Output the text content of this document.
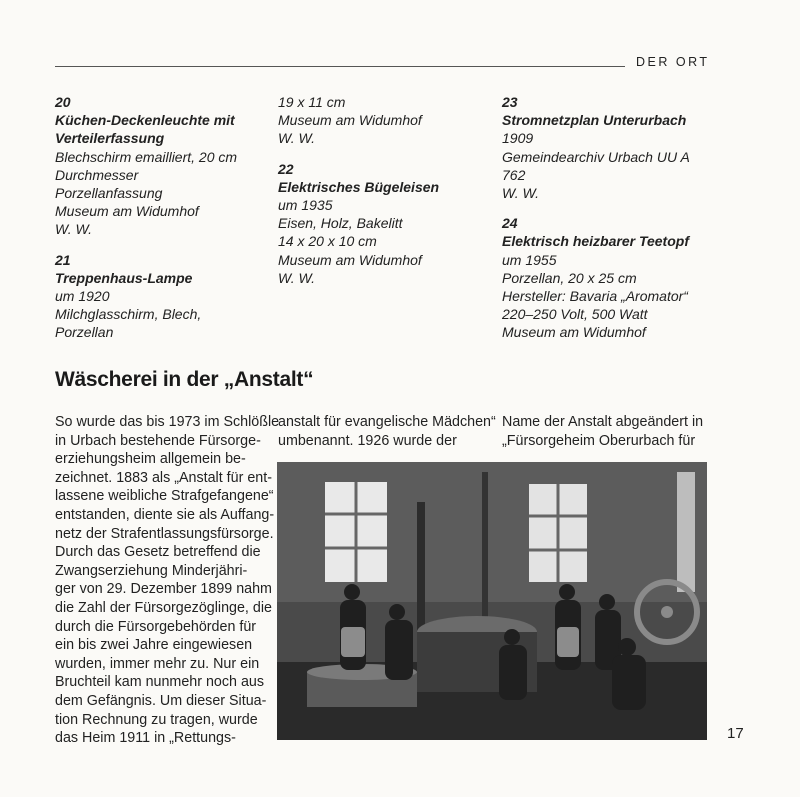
DER ORT
20
Küchen-Deckenleuchte mit
Verteilerfassung
Blechschirm emailliert, 20 cm
Durchmesser
Porzellanfassung
Museum am Widumhof
W. W.
21
Treppenhaus-Lampe
um 1920
Milchglasschirm, Blech,
Porzellan
19 x 11 cm
Museum am Widumhof
W. W.
22
Elektrisches Bügeleisen
um 1935
Eisen, Holz, Bakelitt
14 x 20 x 10 cm
Museum am Widumhof
W. W.
23
Stromnetzplan Unterurbach
1909
Gemeindearchiv Urbach UU A
762
W. W.
24
Elektrisch heizbarer Teetopf
um 1955
Porzellan, 20 x 25 cm
Hersteller: Bavaria „Aromator“
220–250 Volt, 500 Watt
Museum am Widumhof
Wäscherei in der „Anstalt“
So wurde das bis 1973 im Schlößle
in Urbach bestehende Fürsorge-
erziehungsheim allgemein be-
zeichnet. 1883 als „Anstalt für ent-
lassene weibliche Strafgefangene“
entstanden, diente sie als Auffang-
netz der Strafentlassungsfürsorge.
Durch das Gesetz betreffend die
Zwangserziehung Minderjähri-
ger von 29. Dezember 1899 nahm
die Zahl der Fürsorgezöglinge, die
durch die Fürsorgebehörden für
ein bis zwei Jahre eingewiesen
wurden, immer mehr zu. Nur ein
Bruchteil kam nunmehr noch aus
dem Gefängnis. Um dieser Situa-
tion Rechnung zu tragen, wurde
das Heim 1911 in „Rettungs-
anstalt für evangelische Mädchen“
umbenannt. 1926 wurde der
Name der Anstalt abgeändert in
„Fürsorgeheim Oberurbach für
17
